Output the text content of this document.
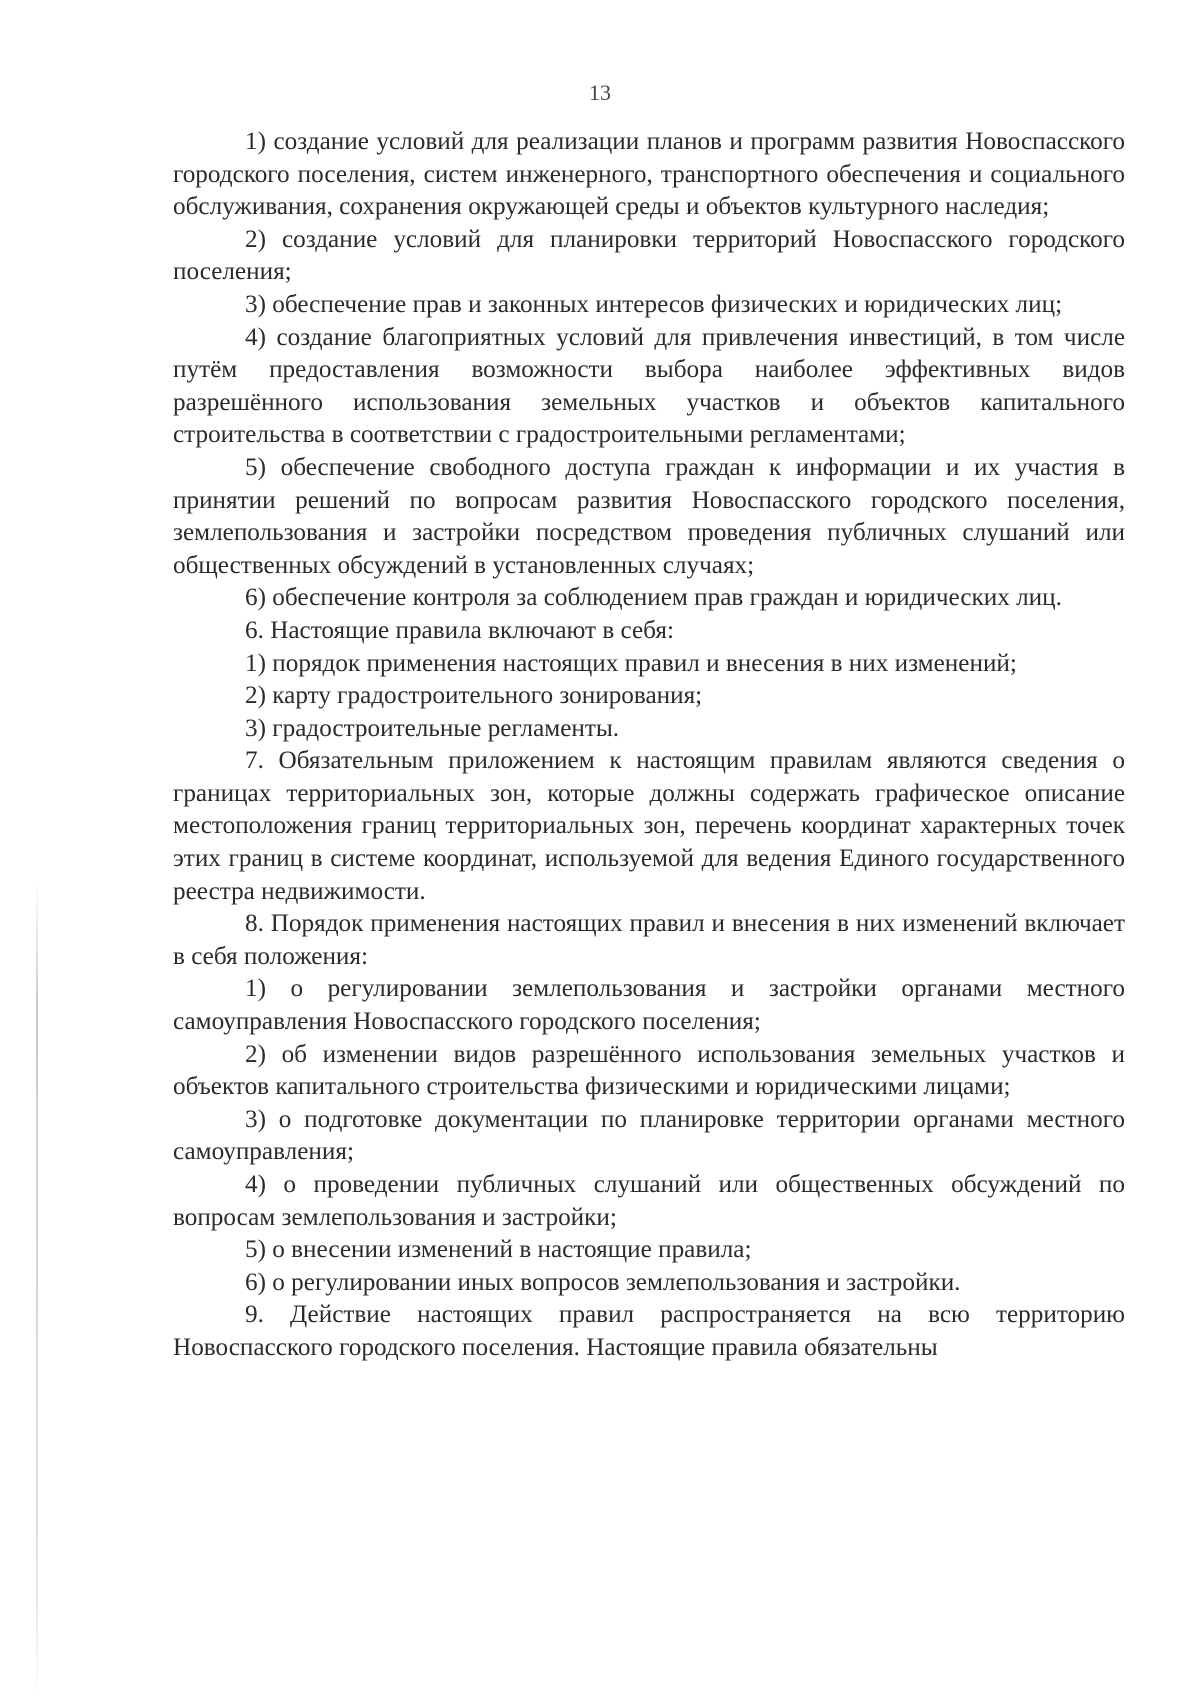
13

1) создание условий для реализации планов и программ развития Новоспасского городского поселения, систем инженерного, транспортного обеспечения и социального обслуживания, сохранения окружающей среды и объектов культурного наследия;

2) создание условий для планировки территорий Новоспасского городского поселения;

3) обеспечение прав и законных интересов физических и юридических лиц;

4) создание благоприятных условий для привлечения инвестиций, в том числе путём предоставления возможности выбора наиболее эффективных видов разрешённого использования земельных участков и объектов капитального строительства в соответствии с градостроительными регламентами;

5) обеспечение свободного доступа граждан к информации и их участия в принятии решений по вопросам развития Новоспасского городского поселения, землепользования и застройки посредством проведения публичных слушаний или общественных обсуждений в установленных случаях;

6) обеспечение контроля за соблюдением прав граждан и юридических лиц.

6. Настоящие правила включают в себя:

1) порядок применения настоящих правил и внесения в них изменений;

2) карту градостроительного зонирования;

3) градостроительные регламенты.

7. Обязательным приложением к настоящим правилам являются сведения о границах территориальных зон, которые должны содержать графическое описание местоположения границ территориальных зон, перечень координат характерных точек этих границ в системе координат, используемой для ведения Единого государственного реестра недвижимости.

8. Порядок применения настоящих правил и внесения в них изменений включает в себя положения:

1) о регулировании землепользования и застройки органами местного самоуправления Новоспасского городского поселения;

2) об изменении видов разрешённого использования земельных участков и объектов капитального строительства физическими и юридическими лицами;

3) о подготовке документации по планировке территории органами местного самоуправления;

4) о проведении публичных слушаний или общественных обсуждений по вопросам землепользования и застройки;

5) о внесении изменений в настоящие правила;

6) о регулировании иных вопросов землепользования и застройки.

9. Действие настоящих правил распространяется на всю территорию Новоспасского городского поселения. Настоящие правила обязательны
